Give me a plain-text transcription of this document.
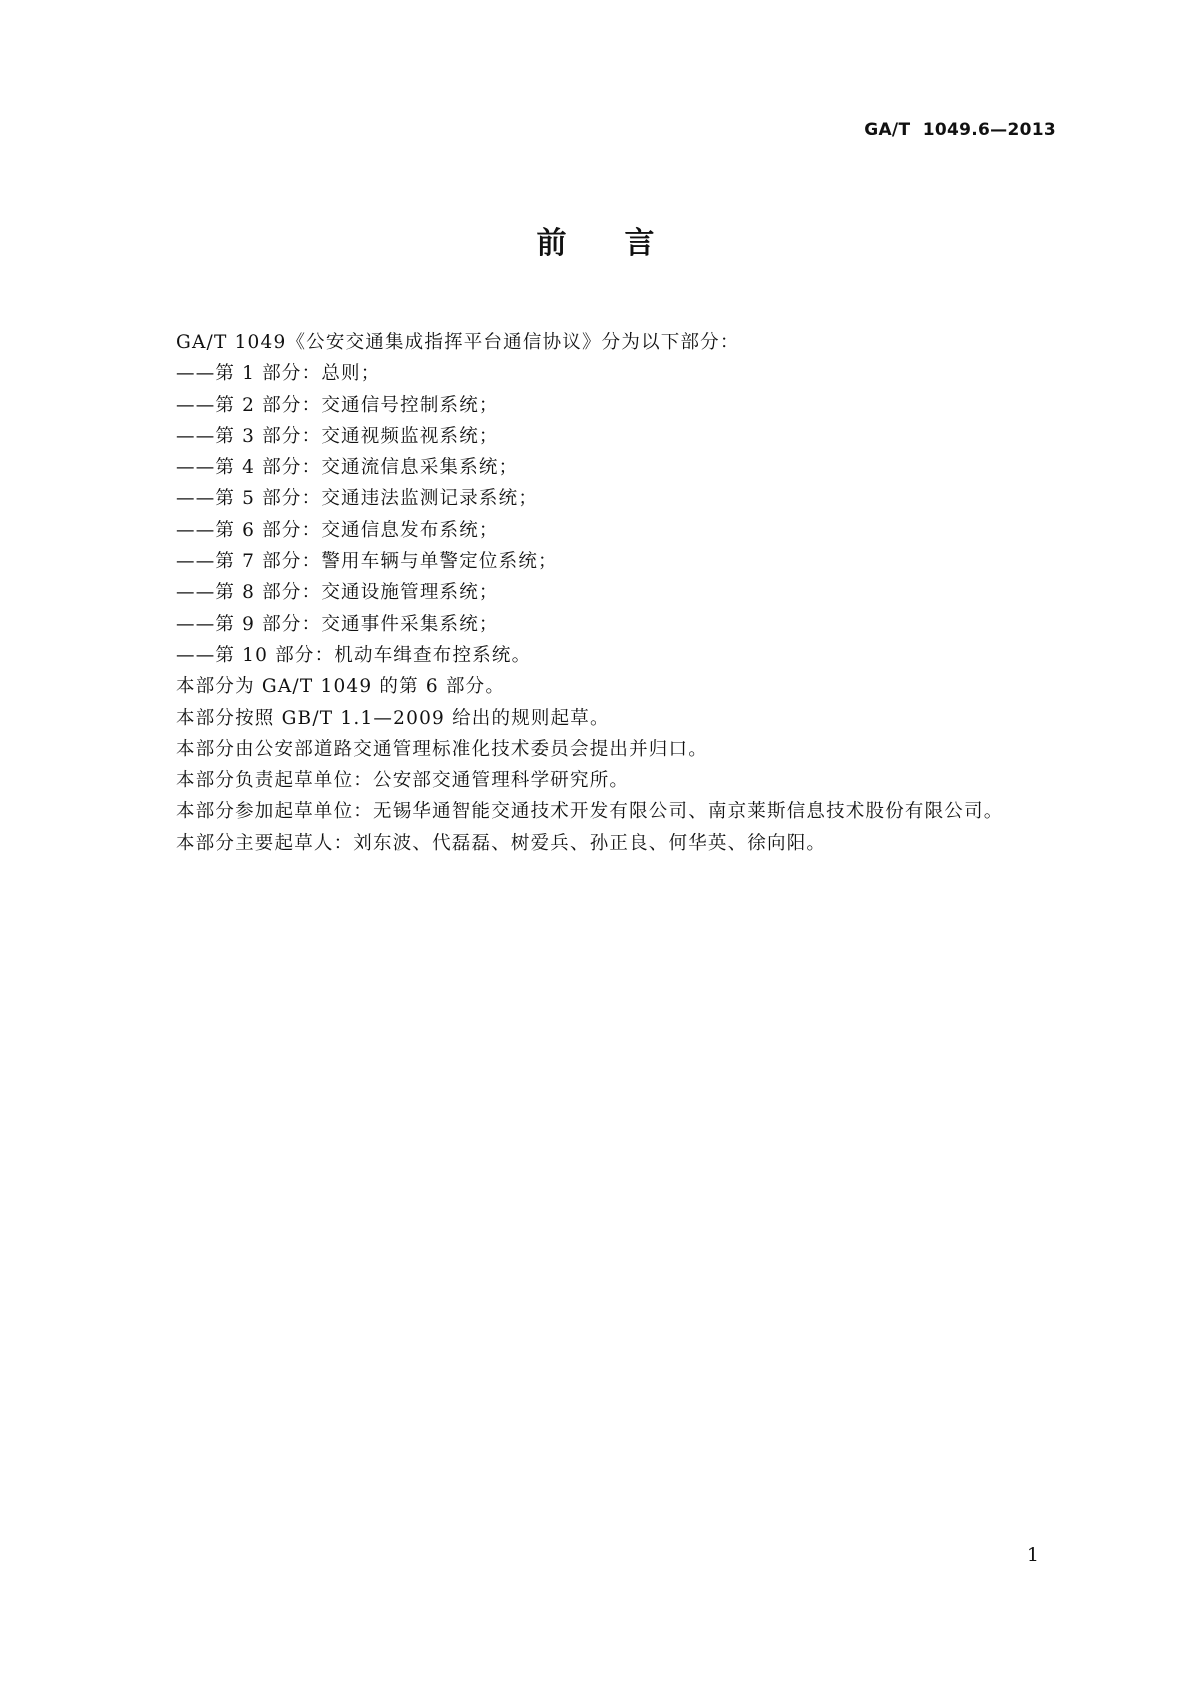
GA/T  1049.6—2013
前言
GA/T 1049《公安交通集成指挥平台通信协议》分为以下部分：
——第 1 部分：总则；
——第 2 部分：交通信号控制系统；
——第 3 部分：交通视频监视系统；
——第 4 部分：交通流信息采集系统；
——第 5 部分：交通违法监测记录系统；
——第 6 部分：交通信息发布系统；
——第 7 部分：警用车辆与单警定位系统；
——第 8 部分：交通设施管理系统；
——第 9 部分：交通事件采集系统；
——第 10 部分：机动车缉查布控系统。
本部分为 GA/T 1049 的第 6 部分。
本部分按照 GB/T 1.1—2009 给出的规则起草。
本部分由公安部道路交通管理标准化技术委员会提出并归口。
本部分负责起草单位：公安部交通管理科学研究所。
本部分参加起草单位：无锡华通智能交通技术开发有限公司、南京莱斯信息技术股份有限公司。
本部分主要起草人：刘东波、代磊磊、树爱兵、孙正良、何华英、徐向阳。
1
